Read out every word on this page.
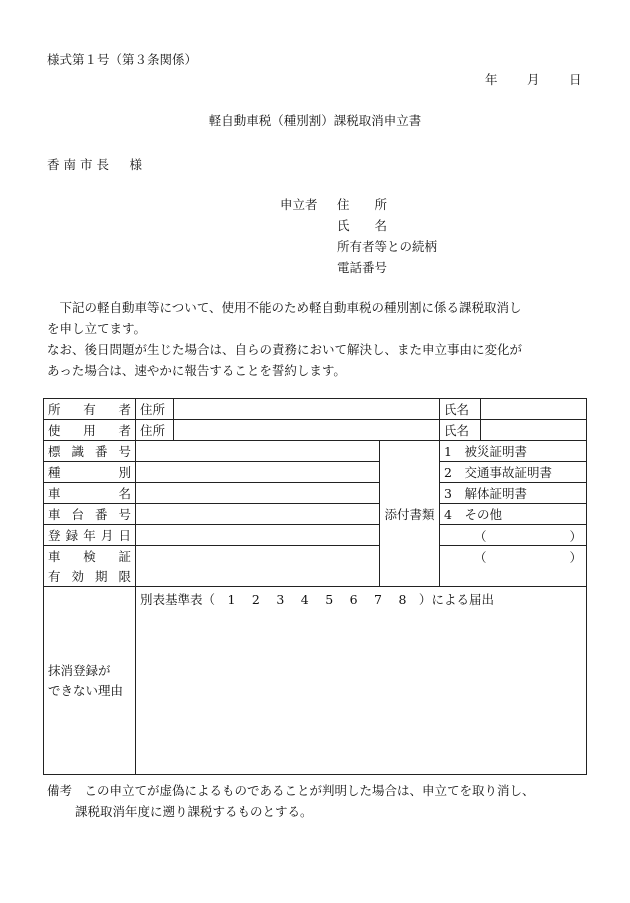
様式第１号（第３条関係）
年 月 日
軽自動車税（種別割）課税取消申立書
香南市長　様
申立者 住　　所
氏　　名
所有者等との続柄
電話番号
　下記の軽自動車等について、使用不能のため軽自動車税の種別割に係る課税取消し
を申し立てます。
なお、後日問題が生じた場合は、自らの責務において解決し、また申立事由に変化が
あった場合は、速やかに報告することを誓約します。
所有者	住所			氏名	
使用者	住所			氏名	
標識番号			添付書類	1　被災証明書	
種別				2　交通事故証明書	
車名				3　解体証明書	
車台番号				4　その他	
登録年月日				（ ）	

車検証				（ ）	

有効期限					

抹消登録が
できない理由	別表基準表（　1　 2　 3　 4　 5　 6　 7　 8　）による届出				
備考　この申立てが虚偽によるものであることが判明した場合は、申立てを取り消し、
課税取消年度に遡り課税するものとする。
